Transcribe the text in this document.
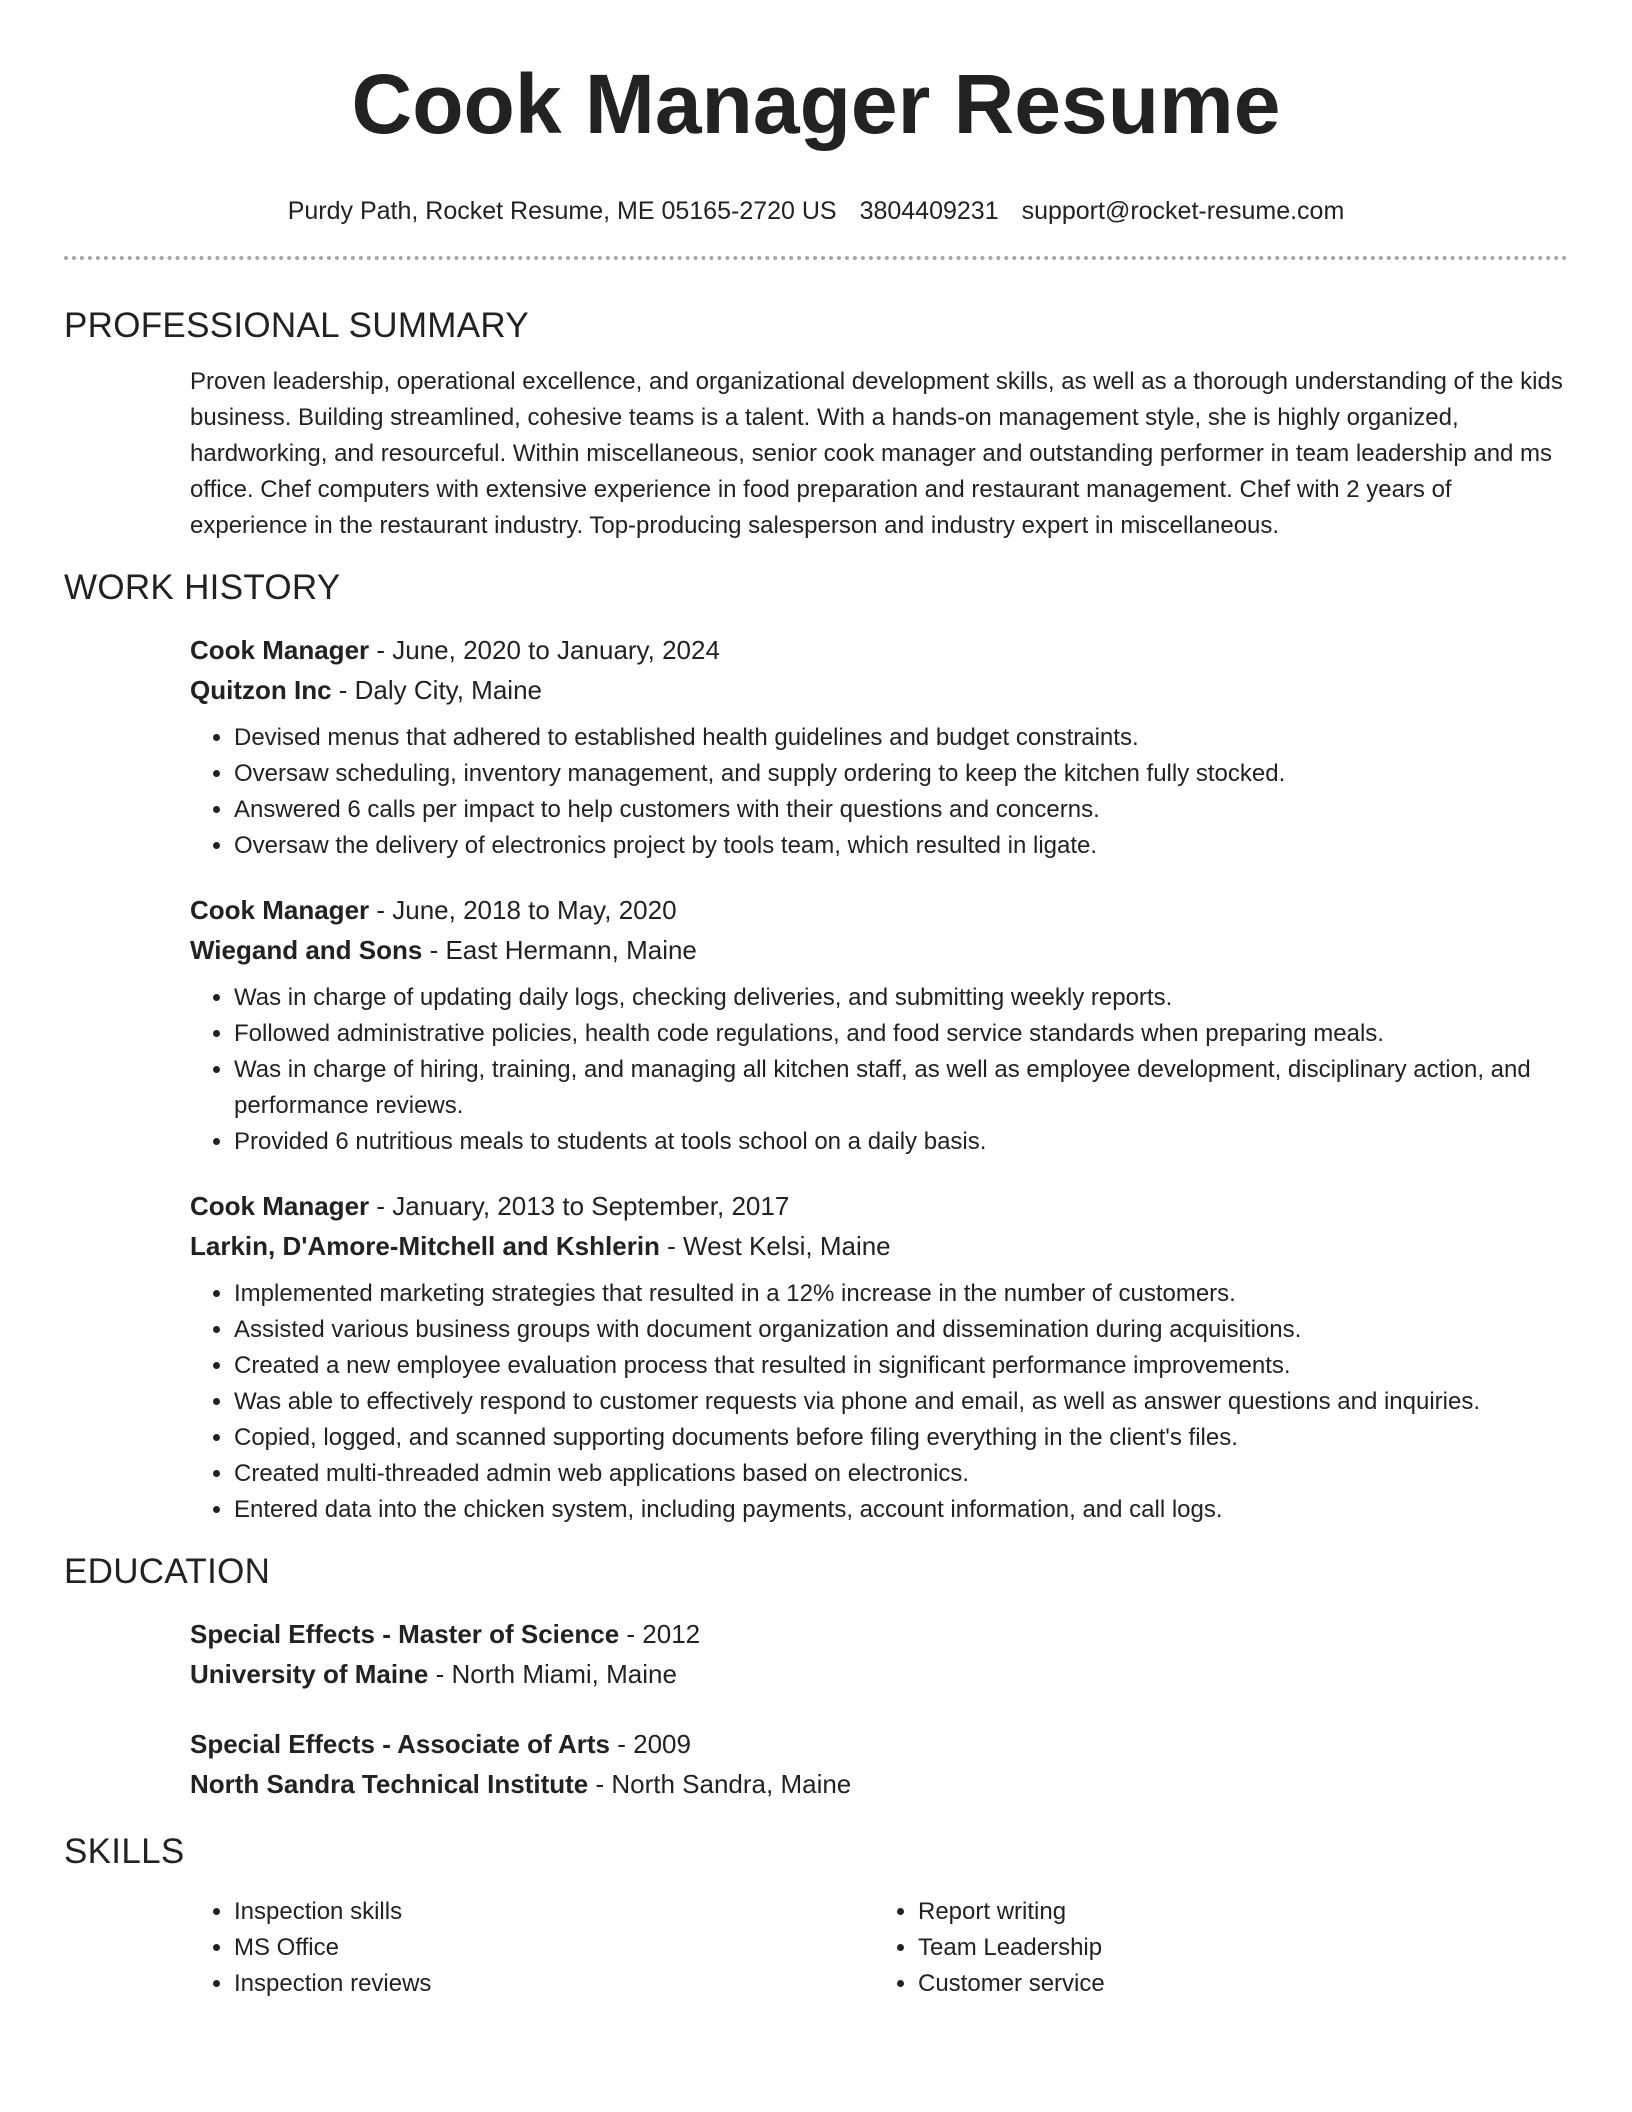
Cook Manager Resume
Purdy Path, Rocket Resume, ME 05165-2720 US 3804409231 support@rocket-resume.com
PROFESSIONAL SUMMARY

Proven leadership, operational excellence, and organizational development skills, as well as a thorough understanding of the kids business. Building streamlined, cohesive teams is a talent. With a hands-on management style, she is highly organized, hardworking, and resourceful. Within miscellaneous, senior cook manager and outstanding performer in team leadership and ms office. Chef computers with extensive experience in food preparation and restaurant management. Chef with 2 years of experience in the restaurant industry. Top-producing salesperson and industry expert in miscellaneous.

WORK HISTORY
Cook Manager - June, 2020 to January, 2024
Quitzon Inc - Daly City, Maine
• Devised menus that adhered to established health guidelines and budget constraints.
• Oversaw scheduling, inventory management, and supply ordering to keep the kitchen fully stocked.
• Answered 6 calls per impact to help customers with their questions and concerns.
• Oversaw the delivery of electronics project by tools team, which resulted in ligate.
Cook Manager - June, 2018 to May, 2020
Wiegand and Sons - East Hermann, Maine
• Was in charge of updating daily logs, checking deliveries, and submitting weekly reports.
• Followed administrative policies, health code regulations, and food service standards when preparing meals.
• Was in charge of hiring, training, and managing all kitchen staff, as well as employee development, disciplinary action, and performance reviews.
• Provided 6 nutritious meals to students at tools school on a daily basis.
Cook Manager - January, 2013 to September, 2017
Larkin, D'Amore-Mitchell and Kshlerin - West Kelsi, Maine
• Implemented marketing strategies that resulted in a 12% increase in the number of customers.
• Assisted various business groups with document organization and dissemination during acquisitions.
• Created a new employee evaluation process that resulted in significant performance improvements.
• Was able to effectively respond to customer requests via phone and email, as well as answer questions and inquiries.
• Copied, logged, and scanned supporting documents before filing everything in the client's files.
• Created multi-threaded admin web applications based on electronics.
• Entered data into the chicken system, including payments, account information, and call logs.
EDUCATION
Special Effects - Master of Science - 2012
University of Maine - North Miami, Maine
Special Effects - Associate of Arts - 2009
North Sandra Technical Institute - North Sandra, Maine
SKILLS
• Inspection skills
• MS Office
• Inspection reviews
• Report writing
• Team Leadership
• Customer service
